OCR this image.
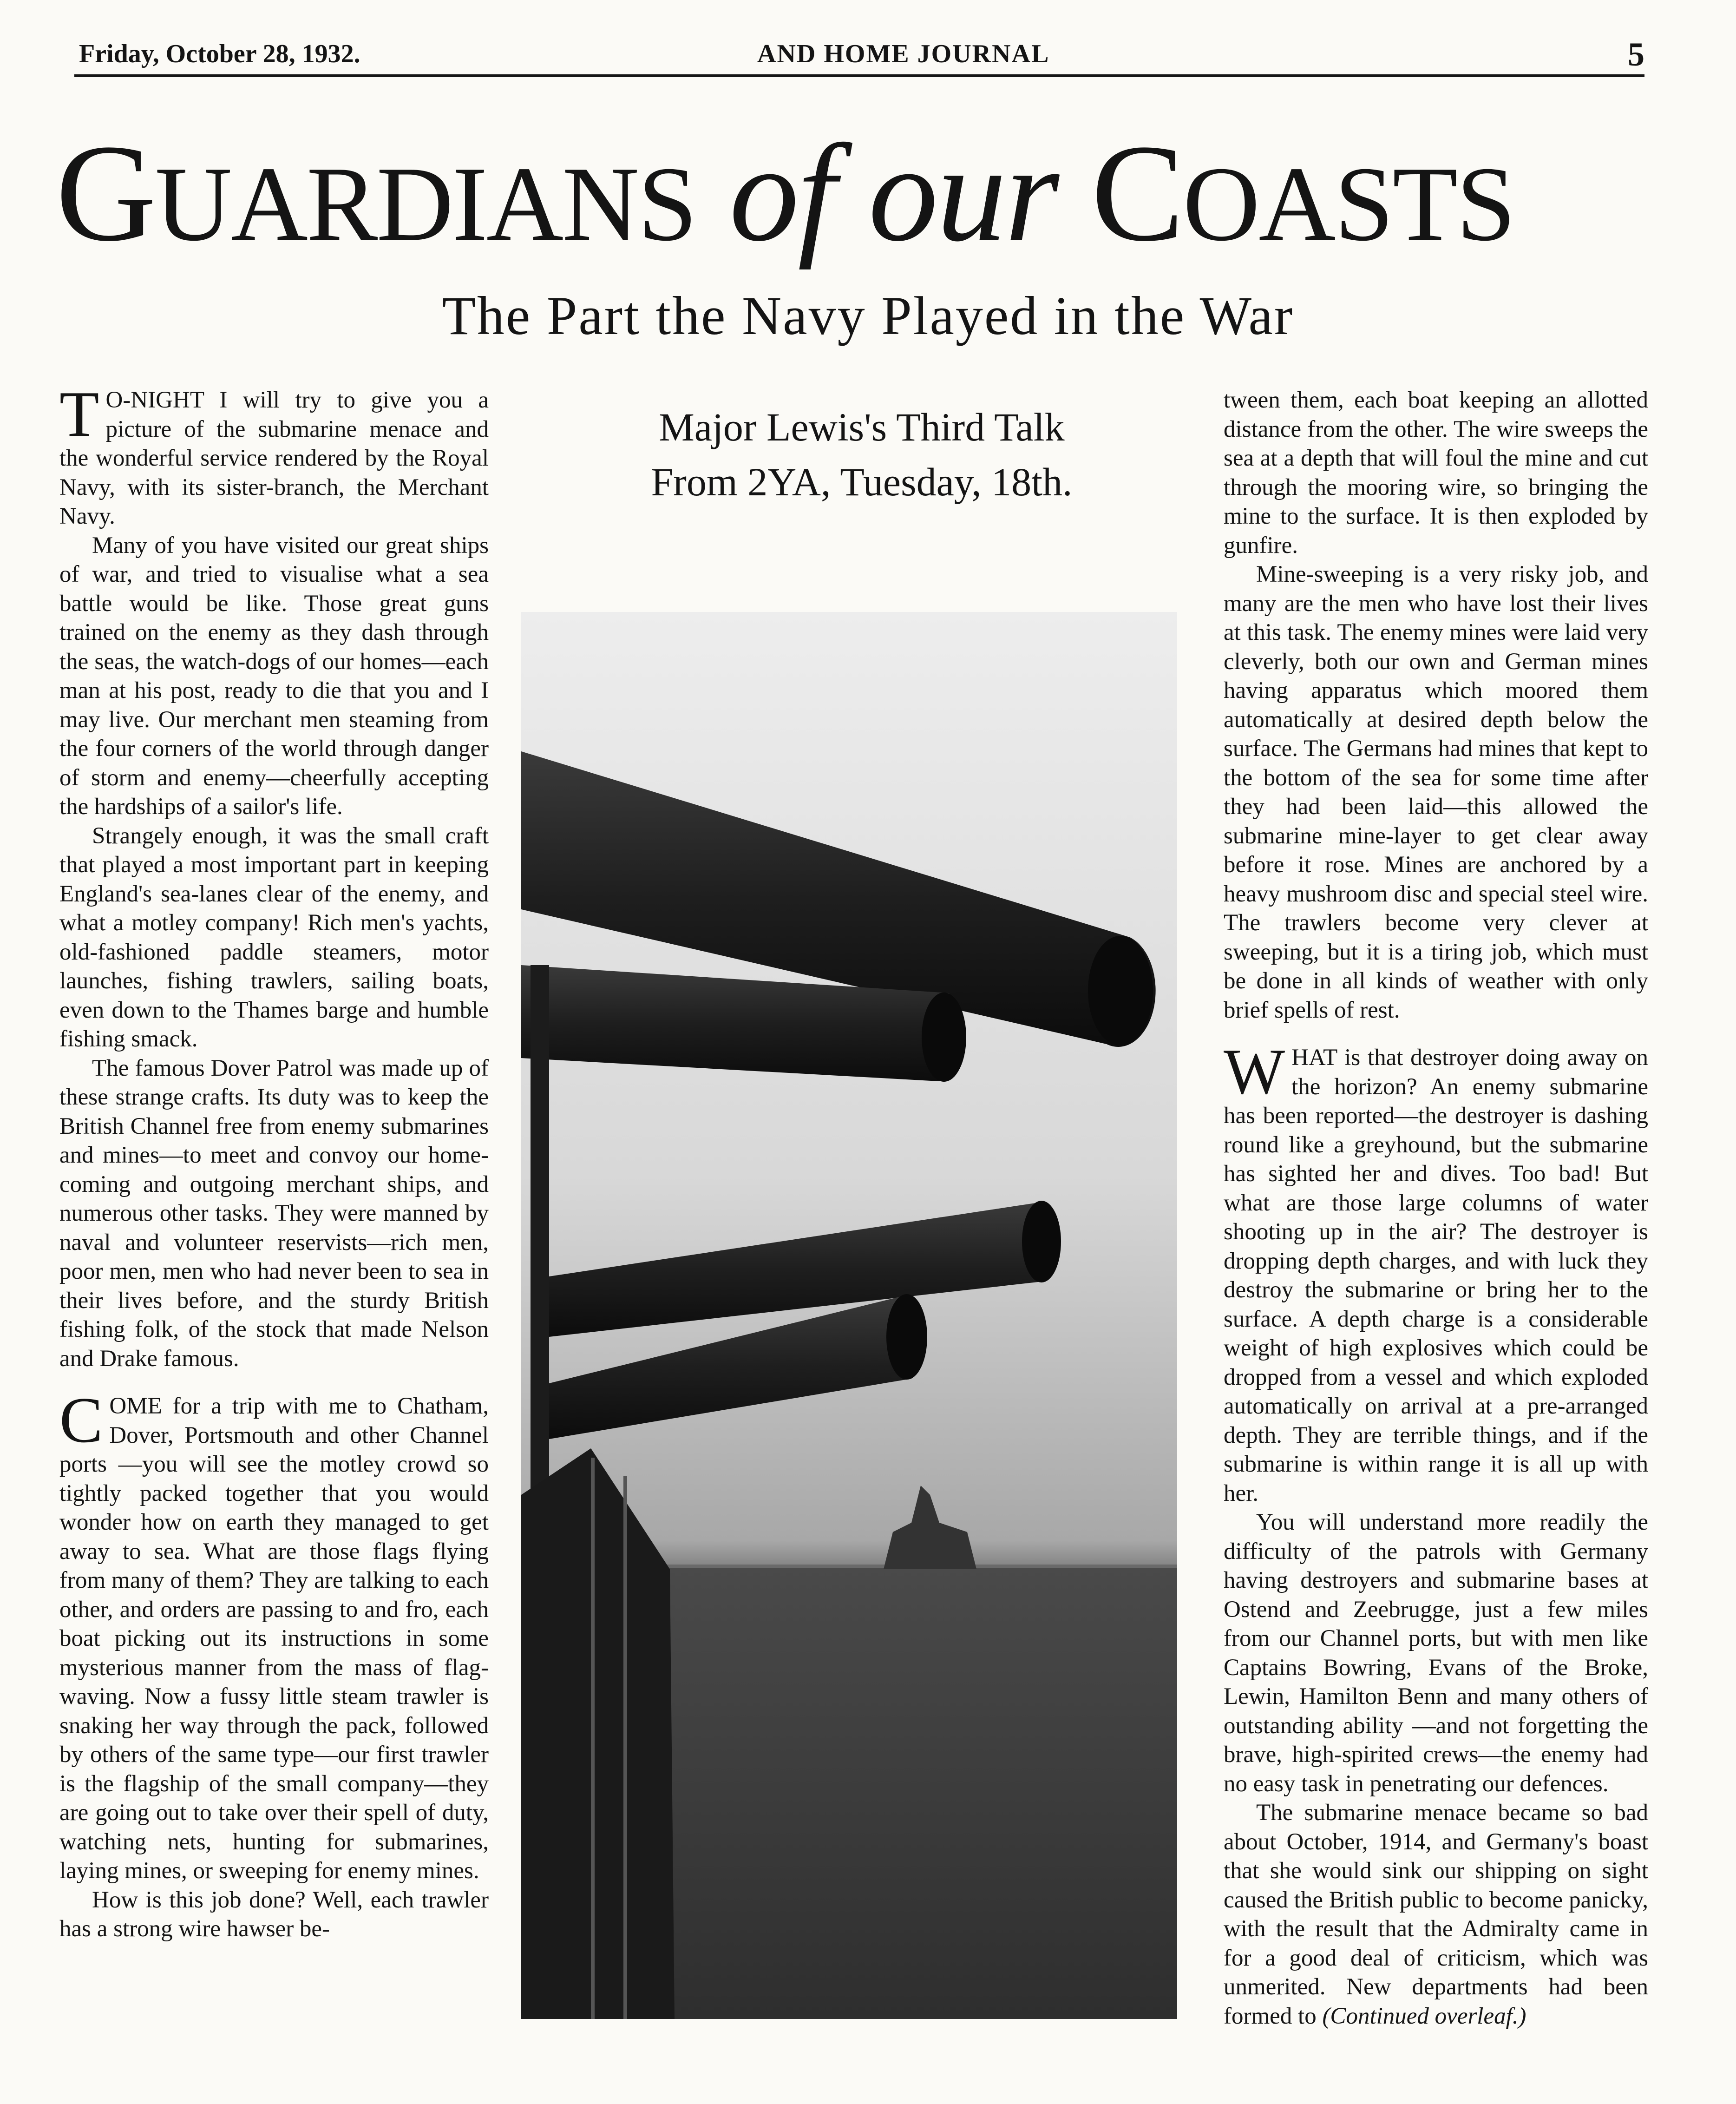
Friday, October 28, 1932.	AND HOME JOURNAL	5
GUARDIANS of our COASTS
The Part the Navy Played in the War

T O-NIGHT I will try to give you a picture of the submarine menace and the wonderful service rendered by the Royal Navy, with its sister-branch, the Merchant Navy.

Many of you have visited our great ships of war, and tried to visualise what a sea battle would be like. Those great guns trained on the enemy as they dash through the seas, the watch-dogs of our homes—each man at his post, ready to die that you and I may live. Our merchant men steaming from the four corners of the world through danger of storm and enemy—cheerfully accepting the hardships of a sailor's life.

Strangely enough, it was the small craft that played a most important part in keeping England's sea-lanes clear of the enemy, and what a motley company! Rich men's yachts, old-fashioned paddle steamers, motor launches, fishing trawlers, sailing boats, even down to the Thames barge and humble fishing smack.

The famous Dover Patrol was made up of these strange crafts. Its duty was to keep the British Channel free from enemy submarines and mines—to meet and convoy our home-coming and outgoing merchant ships, and numerous other tasks. They were manned by naval and volunteer reservists—rich men, poor men, men who had never been to sea in their lives before, and the sturdy British fishing folk, of the stock that made Nelson and Drake famous.

COME for a trip with me to Chatham, Dover, Portsmouth and other Channel ports —you will see the motley crowd so tightly packed together that you would wonder how on earth they managed to get away to sea. What are those flags flying from many of them? They are talking to each other, and orders are passing to and fro, each boat picking out its instructions in some mysterious manner from the mass of flag-waving. Now a fussy little steam trawler is snaking her way through the pack, followed by others of the same type—our first trawler is the flagship of the small company—they are going out to take over their spell of duty, watching nets, hunting for submarines, laying mines, or sweeping for enemy mines.

How is this job done? Well, each trawler has a strong wire hawser be-

Major Lewis's Third Talk
From 2YA, Tuesday, 18th.

tween them, each boat keeping an allotted distance from the other. The wire sweeps the sea at a depth that will foul the mine and cut through the mooring wire, so bringing the mine to the surface. It is then exploded by gunfire.

Mine-sweeping is a very risky job, and many are the men who have lost their lives at this task. The enemy mines were laid very cleverly, both our own and German mines having apparatus which moored them automatically at desired depth below the surface. The Germans had mines that kept to the bottom of the sea for some time after they had been laid—this allowed the submarine mine-layer to get clear away before it rose. Mines are anchored by a heavy mushroom disc and special steel wire. The trawlers become very clever at sweeping, but it is a tiring job, which must be done in all kinds of weather with only brief spells of rest.

WHAT is that destroyer doing away on the horizon? An enemy submarine has been reported—the destroyer is dashing round like a greyhound, but the submarine has sighted her and dives. Too bad! But what are those large columns of water shooting up in the air? The destroyer is dropping depth charges, and with luck they destroy the submarine or bring her to the surface. A depth charge is a considerable weight of high explosives which could be dropped from a vessel and which exploded automatically on arrival at a pre-arranged depth. They are terrible things, and if the submarine is within range it is all up with her.

You will understand more readily the difficulty of the patrols with Germany having destroyers and submarine bases at Ostend and Zeebrugge, just a few miles from our Channel ports, but with men like Captains Bowring, Evans of the Broke, Lewin, Hamilton Benn and many others of outstanding ability —and not forgetting the brave, high-spirited crews—the enemy had no easy task in penetrating our defences.

The submarine menace became so bad about October, 1914, and Germany's boast that she would sink our shipping on sight caused the British public to become panicky, with the result that the Admiralty came in for a good deal of criticism, which was unmerited. New departments had been formed to (Continued overleaf.)
